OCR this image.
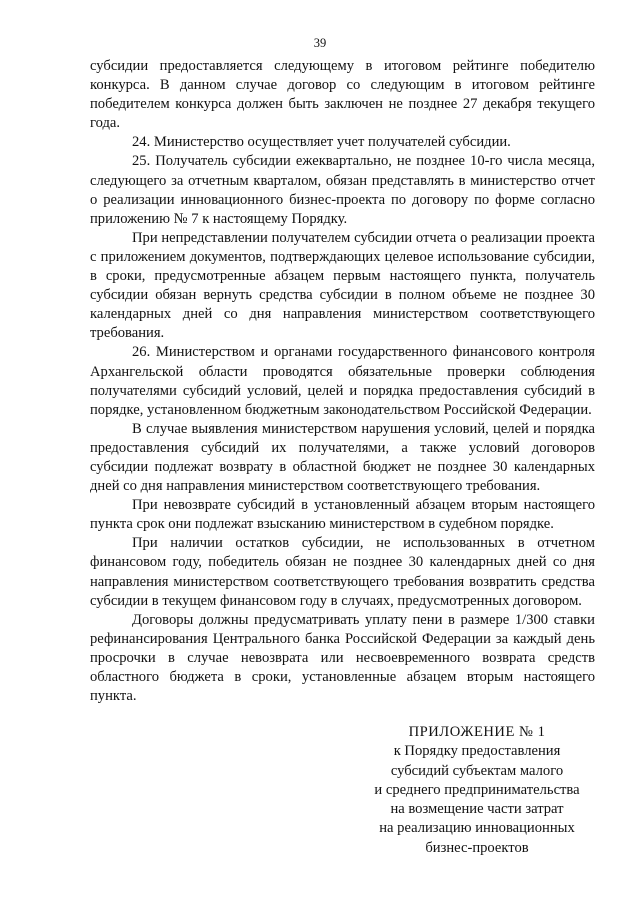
39

субсидии предоставляется следующему в итоговом рейтинге победителю конкурса. В данном случае договор со следующим в итоговом рейтинге победителем конкурса должен быть заключен не позднее 27 декабря текущего года.

24. Министерство осуществляет учет получателей субсидии.

25. Получатель субсидии ежеквартально, не позднее 10-го числа месяца, следующего за отчетным кварталом, обязан представлять в министерство отчет о реализации инновационного бизнес-проекта по договору по форме согласно приложению № 7 к настоящему Порядку.

При непредставлении получателем субсидии отчета о реализации проекта с приложением документов, подтверждающих целевое использование субсидии, в сроки, предусмотренные абзацем первым настоящего пункта, получатель субсидии обязан вернуть средства субсидии в полном объеме не позднее 30 календарных дней со дня направления министерством соответствующего требования.

26. Министерством и органами государственного финансового контроля Архангельской области проводятся обязательные проверки соблюдения получателями субсидий условий, целей и порядка предоставления субсидий в порядке, установленном бюджетным законодательством Российской Федерации.

В случае выявления министерством нарушения условий, целей и порядка предоставления субсидий их получателями, а также условий договоров субсидии подлежат возврату в областной бюджет не позднее 30 календарных дней со дня направления министерством соответствующего требования.

При невозврате субсидий в установленный абзацем вторым настоящего пункта срок они подлежат взысканию министерством в судебном порядке.

При наличии остатков субсидии, не использованных в отчетном финансовом году, победитель обязан не позднее 30 календарных дней со дня направления министерством соответствующего требования возвратить средства субсидии в текущем финансовом году в случаях, предусмотренных договором.

Договоры должны предусматривать уплату пени в размере 1/300 ставки рефинансирования Центрального банка Российской Федерации за каждый день просрочки в случае невозврата или несвоевременного возврата средств областного бюджета в сроки, установленные абзацем вторым настоящего пункта.

ПРИЛОЖЕНИЕ № 1
к Порядку предоставления
субсидий субъектам малого
и среднего предпринимательства
на возмещение части затрат
на реализацию инновационных
бизнес-проектов
